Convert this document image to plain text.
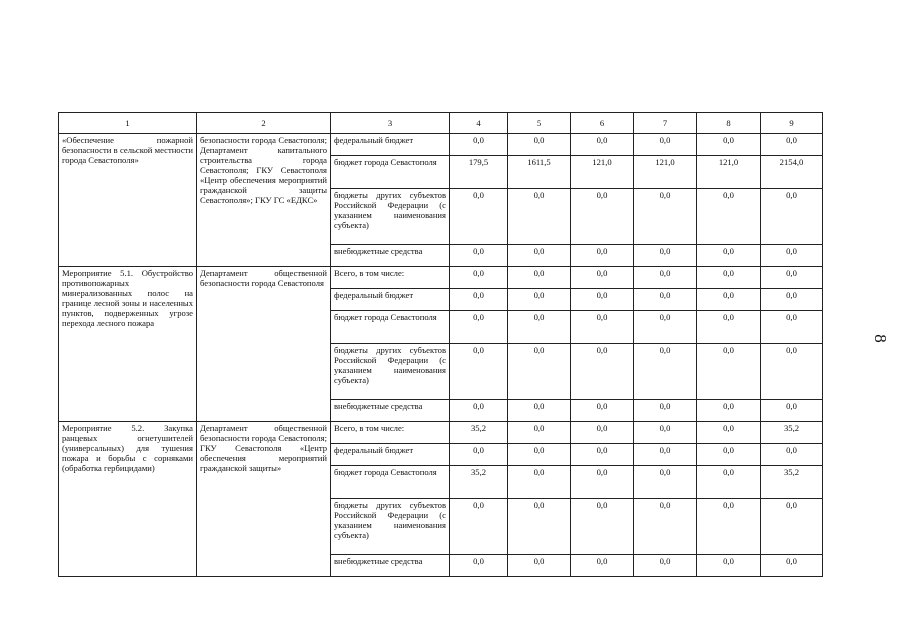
8
1	2	3	4	5	6	7	8	9
«Обеспечение пожарной безопасности в сельской местности города Севастополя»	безопасности города Севастополя; Департамент капитального строительства города Севастополя; ГКУ Севастополя «Центр обеспечения мероприятий гражданской защиты Севастополя»; ГКУ ГС «ЕДКС»	федеральный бюджет	0,0	0,0	0,0	0,0	0,0	0,0
		бюджет города Севастополя	179,5	1611,5	121,0	121,0	121,0	2154,0
		бюджеты других субъектов Российской Федерации (с указанием наименования субъекта)	0,0	0,0	0,0	0,0	0,0	0,0
		внебюджетные средства	0,0	0,0	0,0	0,0	0,0	0,0
Мероприятие 5.1. Обустройство противопожарных минерализованных полос на границе лесной зоны и населенных пунктов, подверженных угрозе перехода лесного пожара	Департамент общественной безопасности города Севастополя	Всего, в том числе:	0,0	0,0	0,0	0,0	0,0	0,0
		федеральный бюджет	0,0	0,0	0,0	0,0	0,0	0,0
		бюджет города Севастополя	0,0	0,0	0,0	0,0	0,0	0,0
		бюджеты других субъектов Российской Федерации (с указанием наименования субъекта)	0,0	0,0	0,0	0,0	0,0	0,0
		внебюджетные средства	0,0	0,0	0,0	0,0	0,0	0,0
Мероприятие 5.2. Закупка ранцевых огнетушителей (универсальных) для тушения пожара и борьбы с сорняками (обработка гербицидами)	Департамент общественной безопасности города Севастополя; ГКУ Севастополя «Центр обеспечения мероприятий гражданской защиты»	Всего, в том числе:	35,2	0,0	0,0	0,0	0,0	35,2
		федеральный бюджет	0,0	0,0	0,0	0,0	0,0	0,0
		бюджет города Севастополя	35,2	0,0	0,0	0,0	0,0	35,2
		бюджеты других субъектов Российской Федерации (с указанием наименования субъекта)	0,0	0,0	0,0	0,0	0,0	0,0
		внебюджетные средства	0,0	0,0	0,0	0,0	0,0	0,0
